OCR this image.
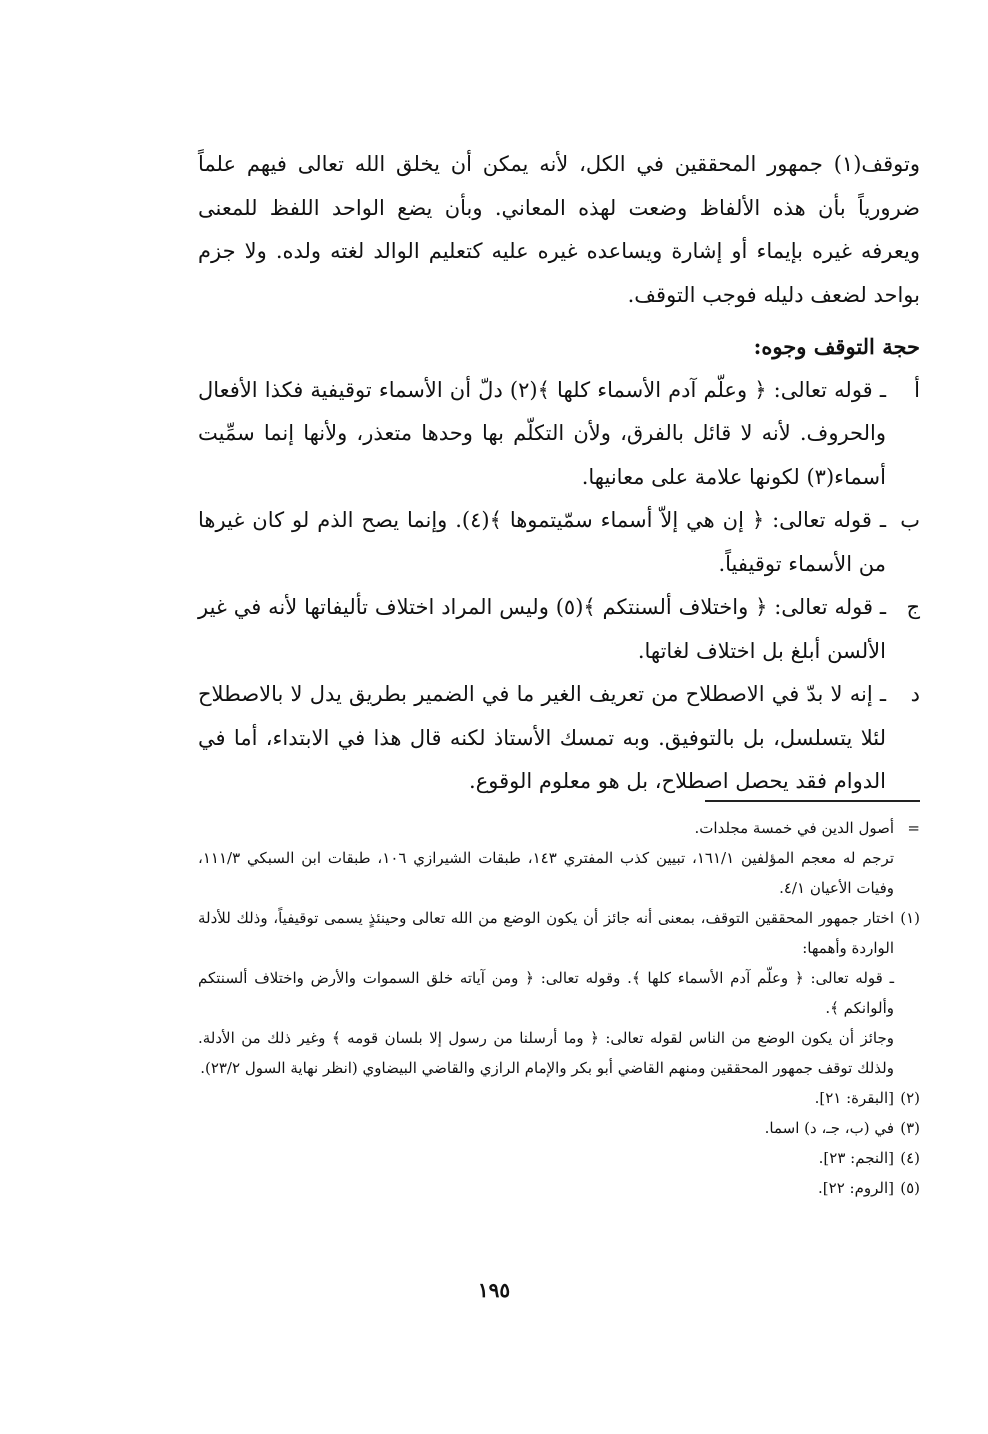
وتوقف(١) جمهور المحققين في الكل، لأنه يمكن أن يخلق الله تعالى فيهم علماً ضرورياً بأن هذه الألفاظ وضعت لهذه المعاني. وبأن يضع الواحد اللفظ للمعنى ويعرفه غيره بإيماء أو إشارة ويساعده غيره عليه كتعليم الوالد لغته ولده. ولا جزم بواحد لضعف دليله فوجب التوقف.

حجة التوقف وجوه:

أ
ـ قوله تعالى: ﴿ وعلّم آدم الأسماء كلها ﴾(٢) دلّ أن الأسماء توقيفية فكذا الأفعال والحروف. لأنه لا قائل بالفرق، ولأن التكلّم بها وحدها متعذر، ولأنها إنما سمِّيت أسماء(٣) لكونها علامة على معانيها.
ب
ـ قوله تعالى: ﴿ إن هي إلاّ أسماء سمّيتموها ﴾(٤). وإنما يصح الذم لو كان غيرها من الأسماء توقيفياً.
ج
ـ قوله تعالى: ﴿ واختلاف ألسنتكم ﴾(٥) وليس المراد اختلاف تأليفاتها لأنه في غير الألسن أبلغ بل اختلاف لغاتها.
د
ـ إنه لا بدّ في الاصطلاح من تعريف الغير ما في الضمير بطريق يدل لا بالاصطلاح لئلا يتسلسل، بل بالتوفيق. وبه تمسك الأستاذ لكنه قال هذا في الابتداء، أما في الدوام فقد يحصل اصطلاح، بل هو معلوم الوقوع.

=
أصول الدين في خمسة مجلدات.

ترجم له معجم المؤلفين ١٦١/١، تبيين كذب المفتري ١٤٣، طبقات الشيرازي ١٠٦، طبقات ابن السبكي ١١١/٣، وفيات الأعيان ٤/١.

(١)
اختار جمهور المحققين التوقف، بمعنى أنه جائز أن يكون الوضع من الله تعالى وحينئذٍ يسمى توقيفياً، وذلك للأدلة الواردة وأهمها:

ـ قوله تعالى: ﴿ وعلّم آدم الأسماء كلها ﴾. وقوله تعالى: ﴿ ومن آياته خلق السموات والأرض واختلاف ألسنتكم وألوانكم ﴾.

وجائز أن يكون الوضع من الناس لقوله تعالى: ﴿ وما أرسلنا من رسول إلا بلسان قومه ﴾ وغير ذلك من الأدلة. ولذلك توقف جمهور المحققين ومنهم القاضي أبو بكر والإمام الرازي والقاضي البيضاوي (انظر نهاية السول ٢٣/٢).

(٢)
[البقرة: ٢١].

(٣)
في (ب، جـ، د) اسما.

(٤)
[النجم: ٢٣].

(٥)
[الروم: ٢٢].

١٩٥
